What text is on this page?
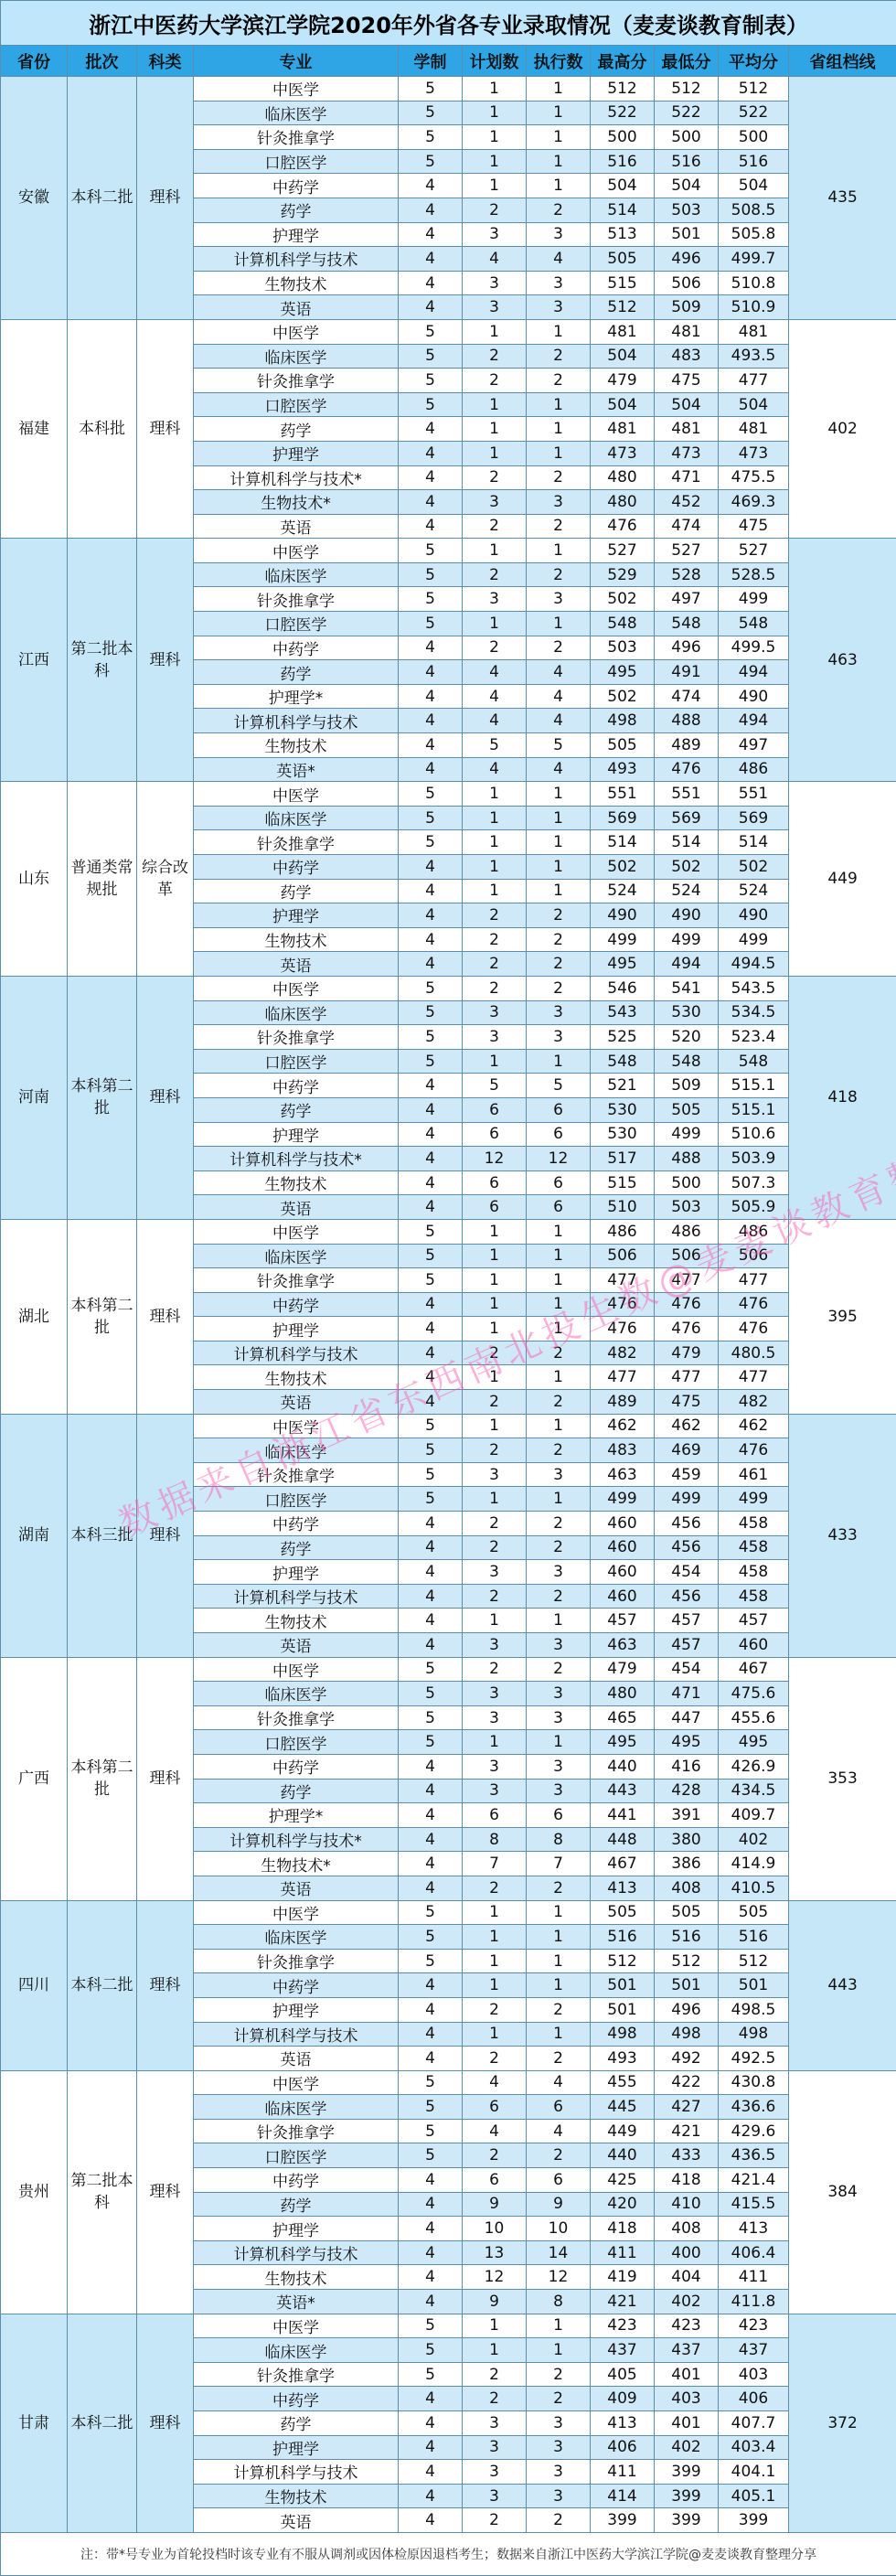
浙江中医药大学滨江学院2020年外省各专业录取情况（麦麦谈教育制表）										
省份	批次	科类	专业	学制	计划数	执行数	最高分	最低分	平均分	省组档线
安徽	本科二批	理科	中医学	5	1	1	512	512	512	435
			临床医学	5	1	1	522	522	522	
			针灸推拿学	5	1	1	500	500	500	
			口腔医学	5	1	1	516	516	516	
			中药学	4	1	1	504	504	504	
			药学	4	2	2	514	503	508.5	
			护理学	4	3	3	513	501	505.8	
			计算机科学与技术	4	4	4	505	496	499.7	
			生物技术	4	3	3	515	506	510.8	
			英语	4	3	3	512	509	510.9	
福建	本科批	理科	中医学	5	1	1	481	481	481	402
			临床医学	5	2	2	504	483	493.5	
			针灸推拿学	5	2	2	479	475	477	
			口腔医学	5	1	1	504	504	504	
			药学	4	1	1	481	481	481	
			护理学	4	1	1	473	473	473	
			计算机科学与技术*	4	2	2	480	471	475.5	
			生物技术*	4	3	3	480	452	469.3	
			英语	4	2	2	476	474	475	
江西	第二批本科	理科	中医学	5	1	1	527	527	527	463
			临床医学	5	2	2	529	528	528.5	
			针灸推拿学	5	3	3	502	497	499	
			口腔医学	5	1	1	548	548	548	
			中药学	4	2	2	503	496	499.5	
			药学	4	4	4	495	491	494	
			护理学*	4	4	4	502	474	490	
			计算机科学与技术	4	4	4	498	488	494	
			生物技术	4	5	5	505	489	497	
			英语*	4	4	4	493	476	486	
山东	普通类常规批	综合改革	中医学	5	1	1	551	551	551	449
			临床医学	5	1	1	569	569	569	
			针灸推拿学	5	1	1	514	514	514	
			中药学	4	1	1	502	502	502	
			药学	4	1	1	524	524	524	
			护理学	4	2	2	490	490	490	
			生物技术	4	2	2	499	499	499	
			英语	4	2	2	495	494	494.5	
河南	本科第二批	理科	中医学	5	2	2	546	541	543.5	418
			临床医学	5	3	3	543	530	534.5	
			针灸推拿学	5	3	3	525	520	523.4	
			口腔医学	5	1	1	548	548	548	
			中药学	4	5	5	521	509	515.1	
			药学	4	6	6	530	505	515.1	
			护理学	4	6	6	530	499	510.6	
			计算机科学与技术*	4	12	12	517	488	503.9	
			生物技术	4	6	6	515	500	507.3	
			英语	4	6	6	510	503	505.9	
湖北	本科第二批	理科	中医学	5	1	1	486	486	486	395
			临床医学	5	1	1	506	506	506	
			针灸推拿学	5	1	1	477	477	477	
			中药学	4	1	1	476	476	476	
			护理学	4	1	1	476	476	476	
			计算机科学与技术	4	2	2	482	479	480.5	
			生物技术	4	1	1	477	477	477	
			英语	4	2	2	489	475	482	
湖南	本科三批	理科	中医学	5	1	1	462	462	462	433
			临床医学	5	2	2	483	469	476	
			针灸推拿学	5	3	3	463	459	461	
			口腔医学	5	1	1	499	499	499	
			中药学	4	2	2	460	456	458	
			药学	4	2	2	460	456	458	
			护理学	4	3	3	460	454	458	
			计算机科学与技术	4	2	2	460	456	458	
			生物技术	4	1	1	457	457	457	
			英语	4	3	3	463	457	460	
广西	本科第二批	理科	中医学	5	2	2	479	454	467	353
			临床医学	5	3	3	480	471	475.6	
			针灸推拿学	5	3	3	465	447	455.6	
			口腔医学	5	1	1	495	495	495	
			中药学	4	3	3	440	416	426.9	
			药学	4	3	3	443	428	434.5	
			护理学*	4	6	6	441	391	409.7	
			计算机科学与技术*	4	8	8	448	380	402	
			生物技术*	4	7	7	467	386	414.9	
			英语	4	2	2	413	408	410.5	
四川	本科二批	理科	中医学	5	1	1	505	505	505	443
			临床医学	5	1	1	516	516	516	
			针灸推拿学	5	1	1	512	512	512	
			中药学	4	1	1	501	501	501	
			护理学	4	2	2	501	496	498.5	
			计算机科学与技术	4	1	1	498	498	498	
			英语	4	2	2	493	492	492.5	
贵州	第二批本科	理科	中医学	5	4	4	455	422	430.8	384
			临床医学	5	6	6	445	427	436.6	
			针灸推拿学	5	4	4	449	421	429.6	
			口腔医学	5	2	2	440	433	436.5	
			中药学	4	6	6	425	418	421.4	
			药学	4	9	9	420	410	415.5	
			护理学	4	10	10	418	408	413	
			计算机科学与技术	4	13	14	411	400	406.4	
			生物技术	4	12	12	419	404	411	
			英语*	4	9	8	421	402	411.8	
甘肃	本科二批	理科	中医学	5	1	1	423	423	423	372
			临床医学	5	1	1	437	437	437	
			针灸推拿学	5	2	2	405	401	403	
			中药学	4	2	2	409	403	406	
			药学	4	3	3	413	401	407.7	
			护理学	4	3	3	406	402	403.4	
			计算机科学与技术	4	3	3	411	399	404.1	
			生物技术	4	3	3	414	399	405.1	
			英语	4	2	2	399	399	399	
注：带*号专业为首轮投档时该专业有不服从调剂或因体检原因退档考生；数据来自浙江中医药大学滨江学院@麦麦谈教育整理分享										
